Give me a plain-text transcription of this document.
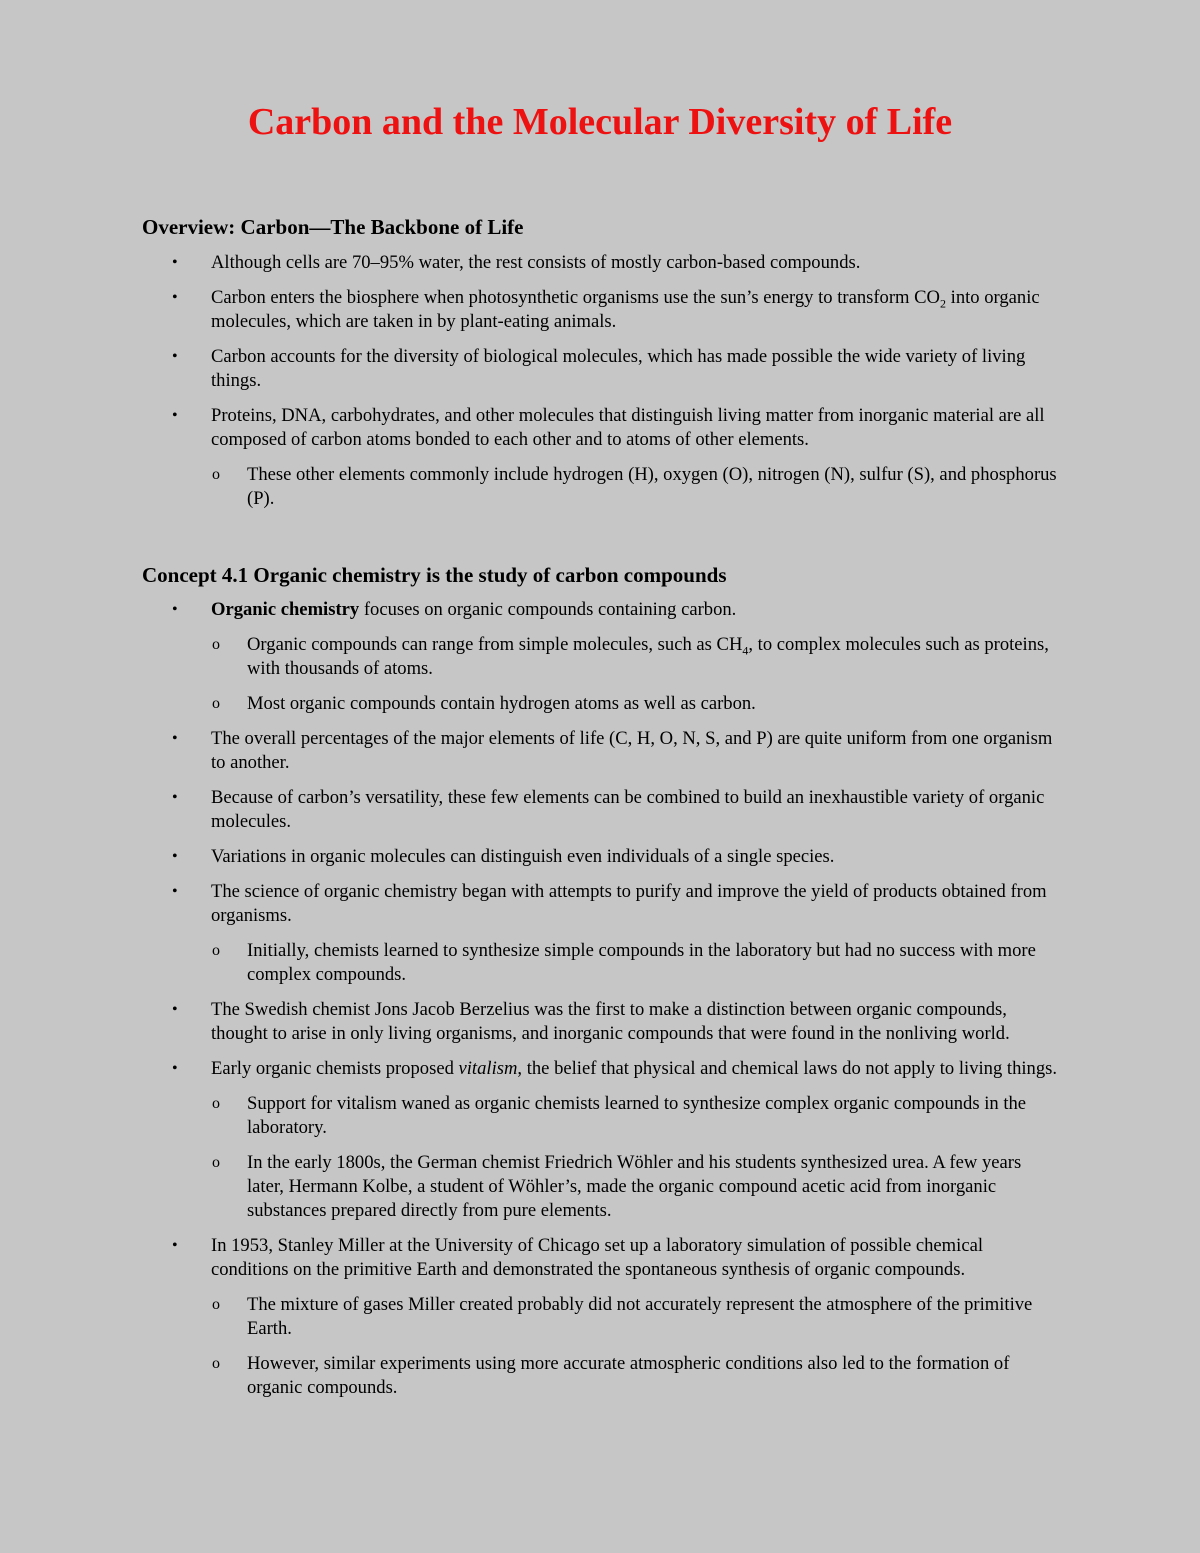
Carbon and the Molecular Diversity of Life
Overview: Carbon—The Backbone of Life
• Although cells are 70–95% water, the rest consists of mostly carbon-based compounds.
• Carbon enters the biosphere when photosynthetic organisms use the sun’s energy to transform $CO_2$ into organic molecules, which are taken in by plant-eating animals.
• Carbon accounts for the diversity of biological molecules, which has made possible the wide variety of living things.
• Proteins, DNA, carbohydrates, and other molecules that distinguish living matter from inorganic material are all composed of carbon atoms bonded to each other and to atoms of other elements.
o These other elements commonly include hydrogen (H), oxygen (O), nitrogen (N), sulfur (S), and phosphorus (P).
Concept 4.1 Organic chemistry is the study of carbon compounds
• Organic chemistry focuses on organic compounds containing carbon.
o Organic compounds can range from simple molecules, such as $CH_4$, to complex molecules such as proteins, with thousands of atoms.
o Most organic compounds contain hydrogen atoms as well as carbon.
• The overall percentages of the major elements of life (C, H, O, N, S, and P) are quite uniform from one organism to another.
• Because of carbon’s versatility, these few elements can be combined to build an inexhaustible variety of organic molecules.
• Variations in organic molecules can distinguish even individuals of a single species.
• The science of organic chemistry began with attempts to purify and improve the yield of products obtained from organisms.
o Initially, chemists learned to synthesize simple compounds in the laboratory but had no success with more complex compounds.
• The Swedish chemist Jons Jacob Berzelius was the first to make a distinction between organic compounds, thought to arise in only living organisms, and inorganic compounds that were found in the nonliving world.
• Early organic chemists proposed vitalism, the belief that physical and chemical laws do not apply to living things.
o Support for vitalism waned as organic chemists learned to synthesize complex organic compounds in the laboratory.
o In the early 1800s, the German chemist Friedrich Wöhler and his students synthesized urea. A few years later, Hermann Kolbe, a student of Wöhler’s, made the organic compound acetic acid from inorganic substances prepared directly from pure elements.
• In 1953, Stanley Miller at the University of Chicago set up a laboratory simulation of possible chemical conditions on the primitive Earth and demonstrated the spontaneous synthesis of organic compounds.
o The mixture of gases Miller created probably did not accurately represent the atmosphere of the primitive Earth.
o However, similar experiments using more accurate atmospheric conditions also led to the formation of organic compounds.
